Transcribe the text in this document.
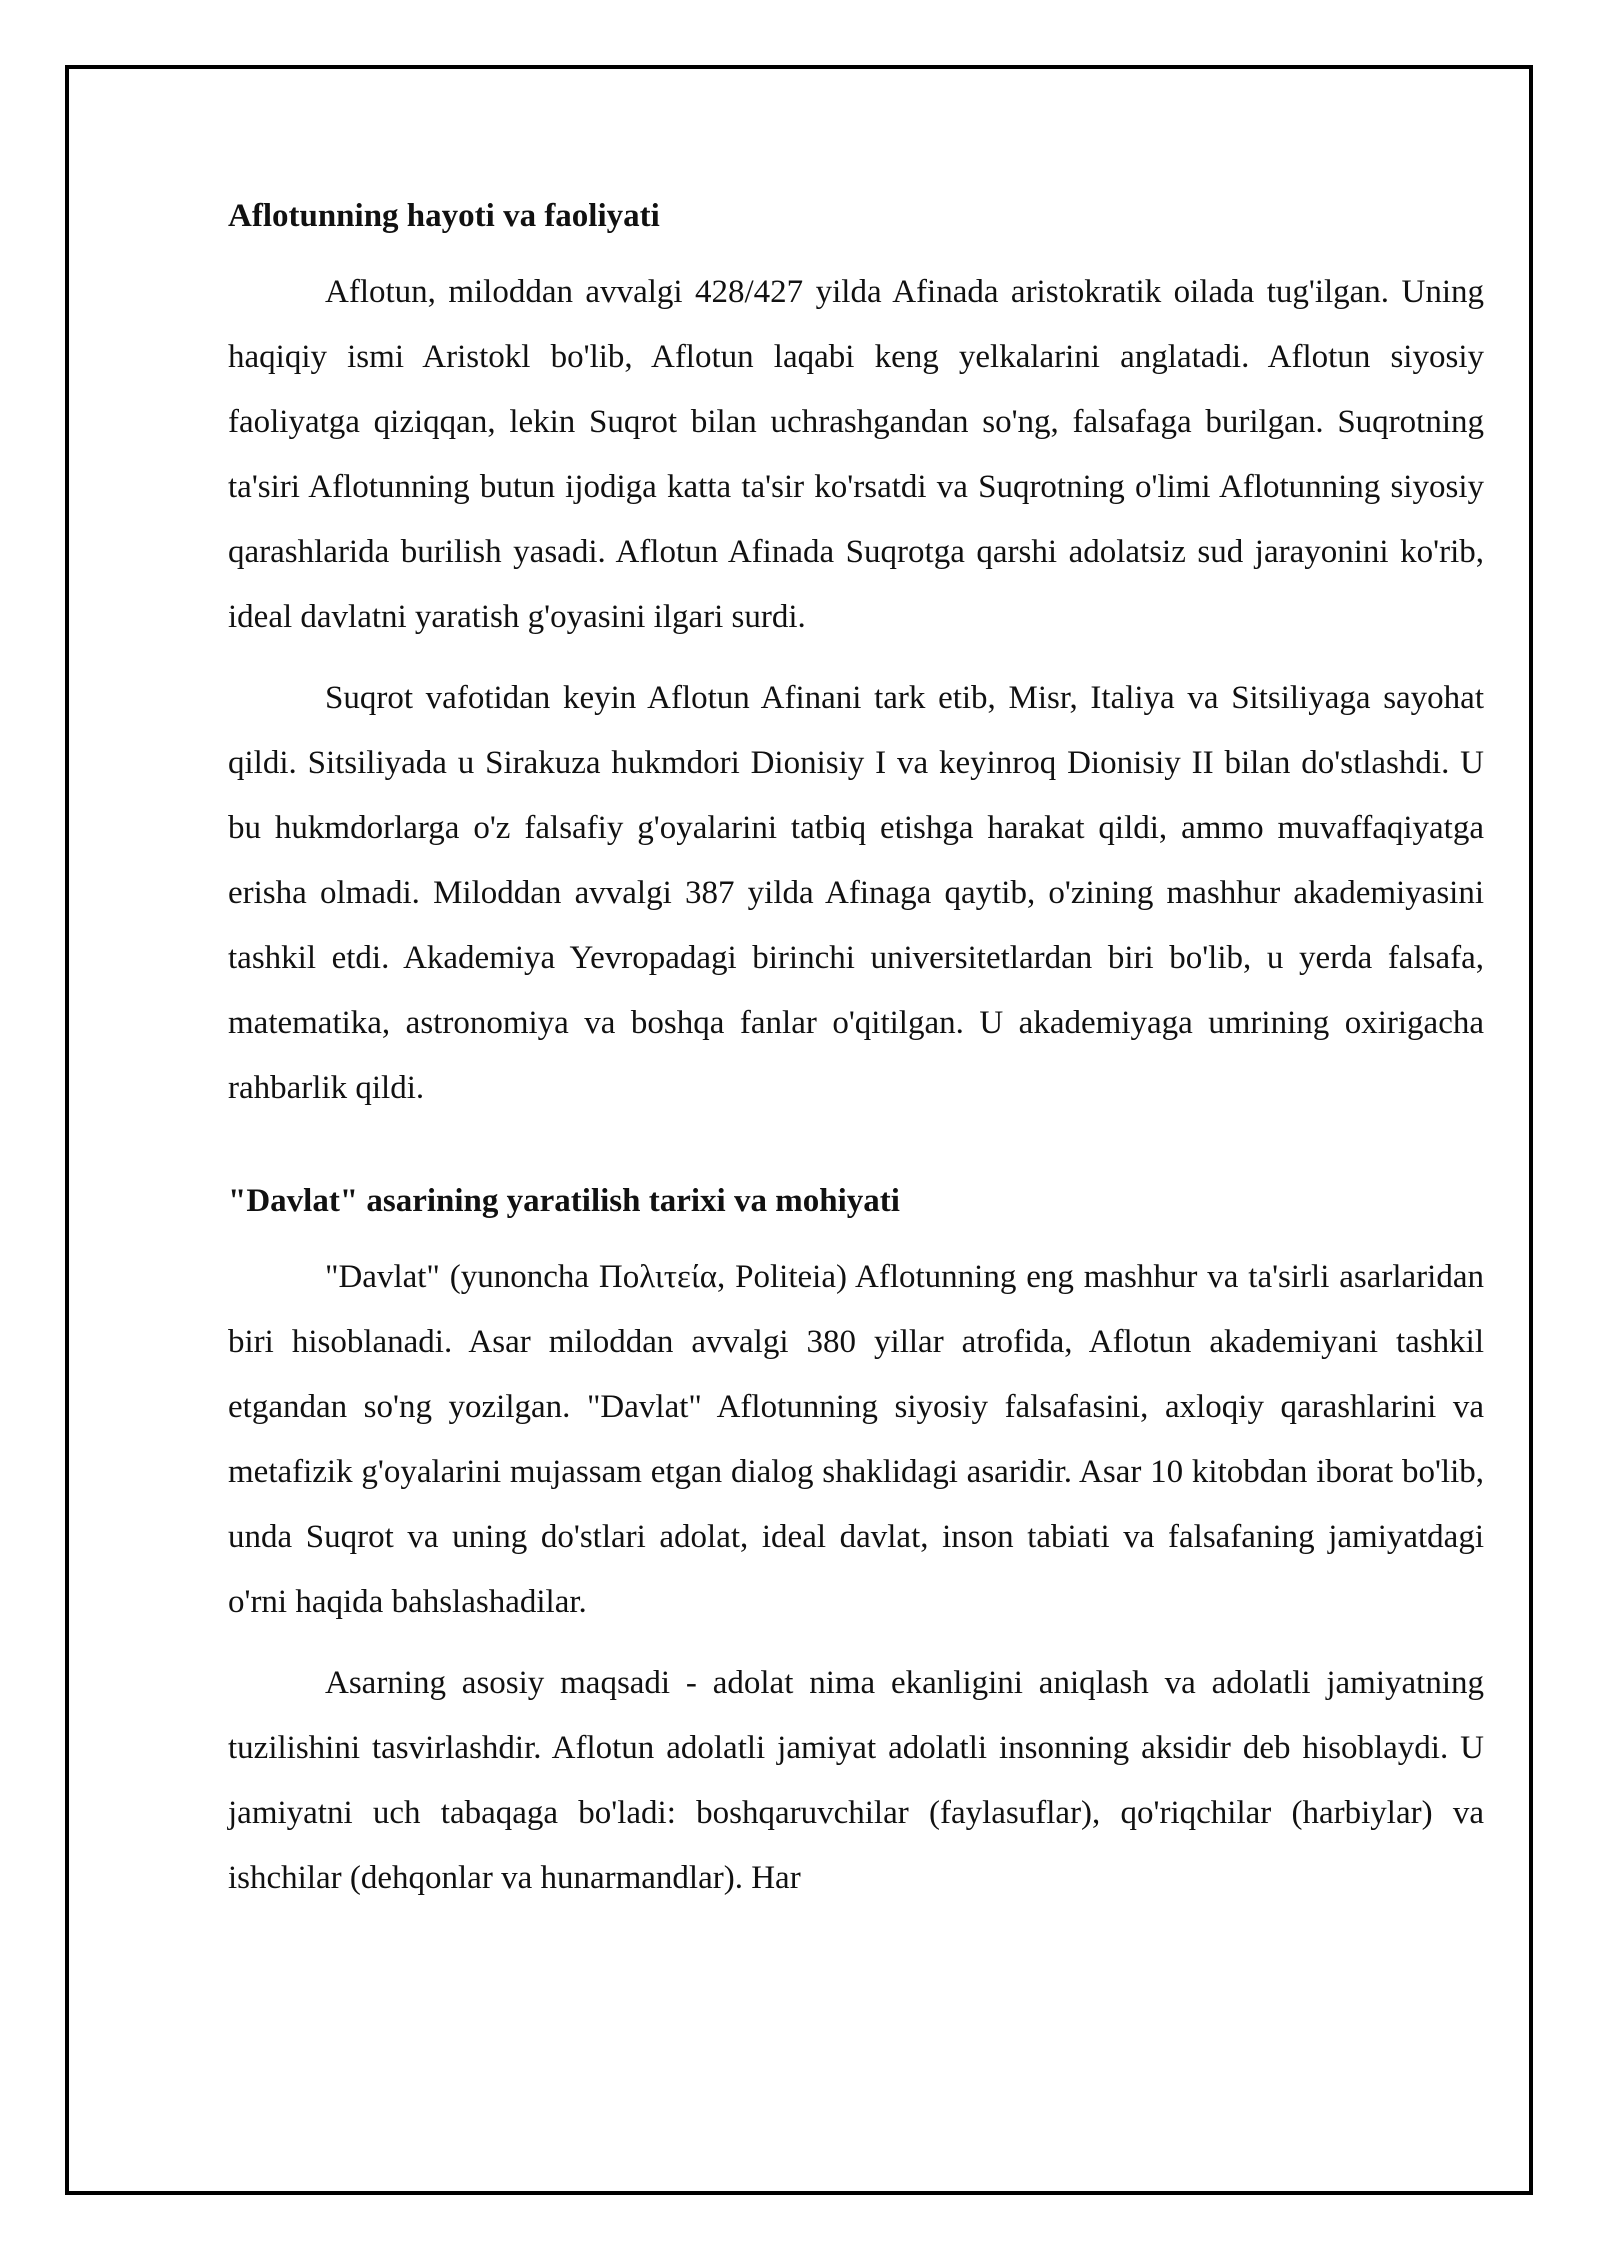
Aflotunning hayoti va faoliyati

Aflotun, miloddan avvalgi 428/427 yilda Afinada aristokratik oilada tug'ilgan. Uning haqiqiy ismi Aristokl bo'lib, Aflotun laqabi keng yelkalarini anglatadi. Aflotun siyosiy faoliyatga qiziqqan, lekin Suqrot bilan uchrashgandan so'ng, falsafaga burilgan. Suqrotning ta'siri Aflotunning butun ijodiga katta ta'sir ko'rsatdi va Suqrotning o'limi Aflotunning siyosiy qarashlarida burilish yasadi. Aflotun Afinada Suqrotga qarshi adolatsiz sud jarayonini ko'rib, ideal davlatni yaratish g'oyasini ilgari surdi.

Suqrot vafotidan keyin Aflotun Afinani tark etib, Misr, Italiya va Sitsiliyaga sayohat qildi. Sitsiliyada u Sirakuza hukmdori Dionisiy I va keyinroq Dionisiy II bilan do'stlashdi. U bu hukmdorlarga o'z falsafiy g'oyalarini tatbiq etishga harakat qildi, ammo muvaffaqiyatga erisha olmadi. Miloddan avvalgi 387 yilda Afinaga qaytib, o'zining mashhur akademiyasini tashkil etdi. Akademiya Yevropadagi birinchi universitetlardan biri bo'lib, u yerda falsafa, matematika, astronomiya va boshqa fanlar o'qitilgan. U akademiyaga umrining oxirigacha rahbarlik qildi.

"Davlat" asarining yaratilish tarixi va mohiyati

"Davlat" (yunoncha Πολιτεία, Politeia) Aflotunning eng mashhur va ta'sirli asarlaridan biri hisoblanadi. Asar miloddan avvalgi 380 yillar atrofida, Aflotun akademiyani tashkil etgandan so'ng yozilgan. "Davlat" Aflotunning siyosiy falsafasini, axloqiy qarashlarini va metafizik g'oyalarini mujassam etgan dialog shaklidagi asaridir. Asar 10 kitobdan iborat bo'lib, unda Suqrot va uning do'stlari adolat, ideal davlat, inson tabiati va falsafaning jamiyatdagi o'rni haqida bahslashadilar.

Asarning asosiy maqsadi - adolat nima ekanligini aniqlash va adolatli jamiyatning tuzilishini tasvirlashdir. Aflotun adolatli jamiyat adolatli insonning aksidir deb hisoblaydi. U jamiyatni uch tabaqaga bo'ladi: boshqaruvchilar (faylasuflar), qo'riqchilar (harbiylar) va ishchilar (dehqonlar va hunarmandlar). Har
